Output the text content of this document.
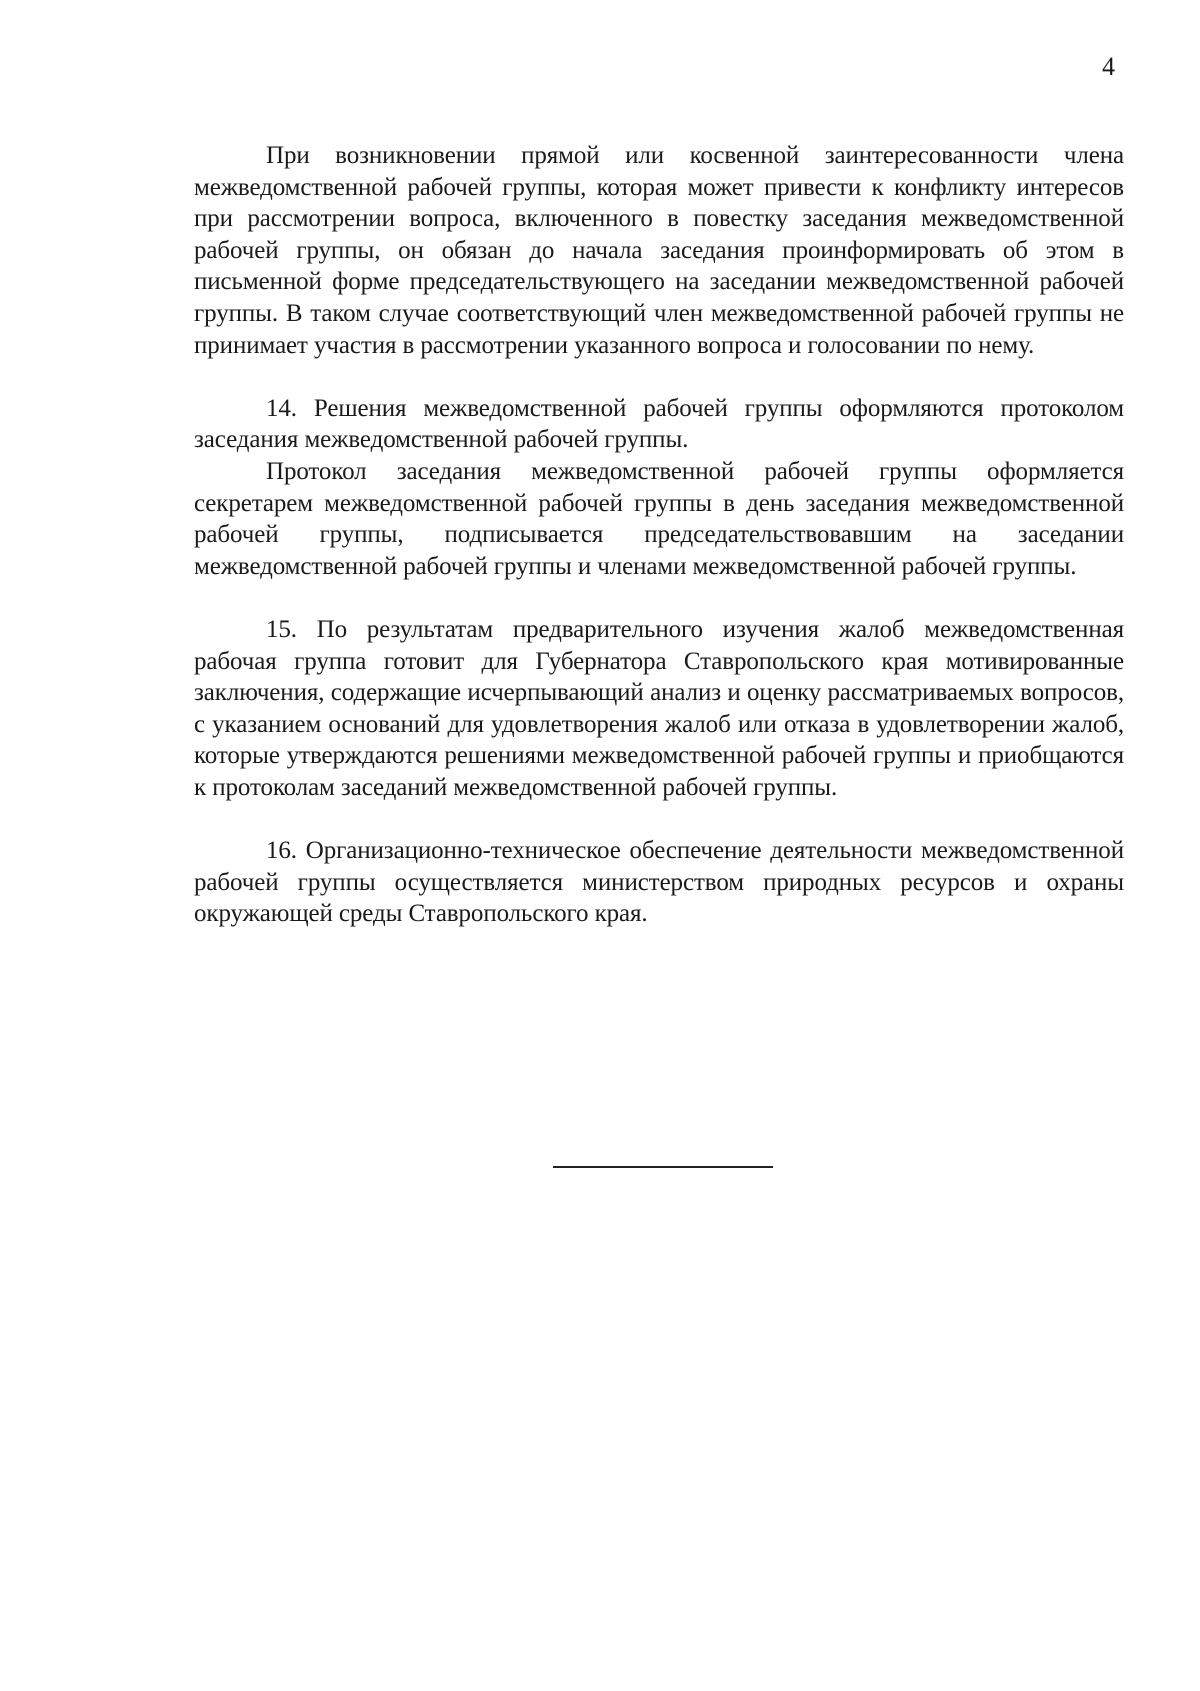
4

При возникновении прямой или косвенной заинтересованности члена межведомственной рабочей группы, которая может привести к конфликту интересов при рассмотрении вопроса, включенного в повестку заседания межведомственной рабочей группы, он обязан до начала заседания проинформировать об этом в письменной форме председательствующего на заседании межведомственной рабочей группы. В таком случае соответствующий член межведомственной рабочей группы не принимает участия в рассмотрении указанного вопроса и голосовании по нему.

14. Решения межведомственной рабочей группы оформляются протоколом заседания межведомственной рабочей группы.

Протокол заседания межведомственной рабочей группы оформляется секретарем межведомственной рабочей группы в день заседания межведомственной рабочей группы, подписывается председательствовавшим на заседании межведомственной рабочей группы и членами межведомственной рабочей группы.

15. По результатам предварительного изучения жалоб межведомственная рабочая группа готовит для Губернатора Ставропольского края мотивированные заключения, содержащие исчерпывающий анализ и оценку рассматриваемых вопросов, с указанием оснований для удовлетворения жалоб или отказа в удовлетворении жалоб, которые утверждаются решениями межведомственной рабочей группы и приобщаются к протоколам заседаний межведомственной рабочей группы.

16. Организационно-техническое обеспечение деятельности межведомственной рабочей группы осуществляется министерством природных ресурсов и охраны окружающей среды Ставропольского края.
